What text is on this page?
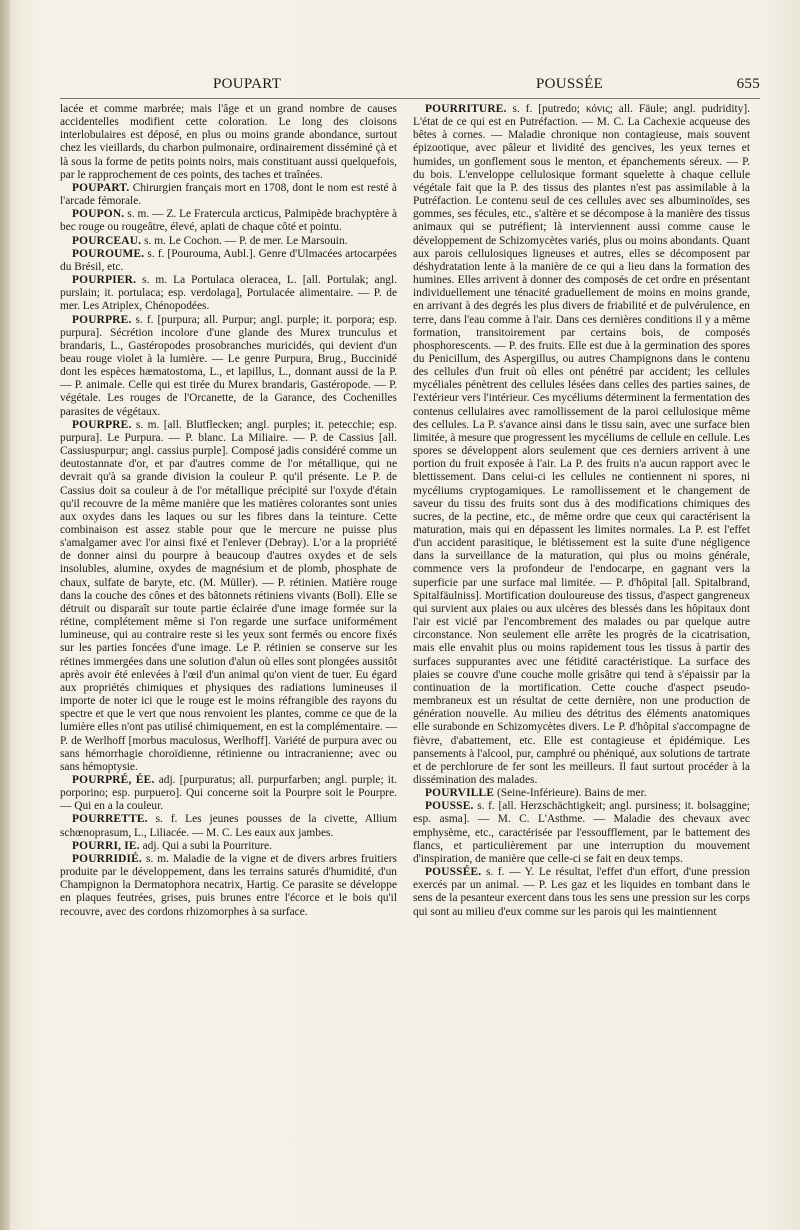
POUPART	POUSSÉE	655

lacée et comme marbrée; mais l'âge et un grand nombre de causes accidentelles modifient cette coloration. Le long des cloisons interlobulaires est déposé, en plus ou moins grande abondance, surtout chez les vieillards, du charbon pulmonaire, ordinairement disséminé çà et là sous la forme de petits points noirs, mais constituant aussi quelquefois, par le rapprochement de ces points, des taches et traînées.

POUPART. Chirurgien français mort en 1708, dont le nom est resté à l'arcade fémorale.

POUPON. s. m. — Z. Le Fratercula arcticus, Palmipède brachyptère à bec rouge ou rougeâtre, élevé, aplati de chaque côté et pointu.

POURCEAU. s. m. Le Cochon. — P. de mer. Le Marsouin.

POUROUME. s. f. [Pourouma, Aubl.]. Genre d'Ulmacées artocarpées du Brésil, etc.

POURPIER. s. m. La Portulaca oleracea, L. [all. Portulak; angl. purslain; it. portulaca; esp. verdolaga], Portulacée alimentaire. — P. de mer. Les Atriplex, Chénopodées.

POURPRE. s. f. [purpura; all. Purpur; angl. purple; it. porpora; esp. purpura]. Sécrétion incolore d'une glande des Murex trunculus et brandaris, L., Gastéropodes prosobranches muricidés, qui devient d'un beau rouge violet à la lumière. — Le genre Purpura, Brug., Buccinidé dont les espèces hæmatostoma, L., et lapillus, L., donnant aussi de la P. — P. animale. Celle qui est tirée du Murex brandaris, Gastéropode. — P. végétale. Les rouges de l'Orcanette, de la Garance, des Cochenilles parasites de végétaux.

POURPRE. s. m. [all. Blutflecken; angl. purples; it. petecchie; esp. purpura]. Le Purpura. — P. blanc. La Miliaire. — P. de Cassius [all. Cassiuspurpur; angl. cassius purple]. Composé jadis considéré comme un deutostannate d'or, et par d'autres comme de l'or métallique, qui ne devrait qu'à sa grande division la couleur P. qu'il présente. Le P. de Cassius doit sa couleur à de l'or métallique précipité sur l'oxyde d'étain qu'il recouvre de la même manière que les matières colorantes sont unies aux oxydes dans les laques ou sur les fibres dans la teinture. Cette combinaison est assez stable pour que le mercure ne puisse plus s'amalgamer avec l'or ainsi fixé et l'enlever (Debray). L'or a la propriété de donner ainsi du pourpre à beaucoup d'autres oxydes et de sels insolubles, alumine, oxydes de magnésium et de plomb, phosphate de chaux, sulfate de baryte, etc. (M. Müller). — P. rétinien. Matière rouge dans la couche des cônes et des bâtonnets rétiniens vivants (Boll). Elle se détruit ou disparaît sur toute partie éclairée d'une image formée sur la rétine, complétement même si l'on regarde une surface uniformément lumineuse, qui au contraire reste si les yeux sont fermés ou encore fixés sur les parties foncées d'une image. Le P. rétinien se conserve sur les rétines immergées dans une solution d'alun où elles sont plongées aussitôt après avoir été enlevées à l'œil d'un animal qu'on vient de tuer. Eu égard aux propriétés chimiques et physiques des radiations lumineuses il importe de noter ici que le rouge est le moins réfrangible des rayons du spectre et que le vert que nous renvoient les plantes, comme ce que de la lumière elles n'ont pas utilisé chimiquement, en est la complémentaire. — P. de Werlhoff [morbus maculosus, Werlhoff]. Variété de purpura avec ou sans hémorrhagie choroïdienne, rétinienne ou intracranienne; avec ou sans hémoptysie.

POURPRÉ, ÉE. adj. [purpuratus; all. purpurfarben; angl. purple; it. porporino; esp. purpuero]. Qui concerne soit la Pourpre soit le Pourpre. — Qui en a la couleur.

POURRETTE. s. f. Les jeunes pousses de la civette, Allium schœnoprasum, L., Liliacée. — M. C. Les eaux aux jambes.

POURRI, IE. adj. Qui a subi la Pourriture.

POURRIDIÉ. s. m. Maladie de la vigne et de divers arbres fruitiers produite par le développement, dans les terrains saturés d'humidité, d'un Champignon la Dermatophora necatrix, Hartig. Ce parasite se développe en plaques feutrées, grises, puis brunes entre l'écorce et le bois qu'il recouvre, avec des cordons rhizomorphes à sa surface.

POURRITURE. s. f. [putredo; κόνις; all. Fäule; angl. pudridity]. L'état de ce qui est en Putréfaction. — M. C. La Cachexie acqueuse des bêtes à cornes. — Maladie chronique non contagieuse, mais souvent épizootique, avec pâleur et lividité des gencives, les yeux ternes et humides, un gonflement sous le menton, et épanchements séreux. — P. du bois. L'enveloppe cellulosique formant squelette à chaque cellule végétale fait que la P. des tissus des plantes n'est pas assimilable à la Putréfaction. Le contenu seul de ces cellules avec ses albuminoïdes, ses gommes, ses fécules, etc., s'altère et se décompose à la manière des tissus animaux qui se putréfient; là interviennent aussi comme cause le développement de Schizomycètes variés, plus ou moins abondants. Quant aux parois cellulosiques ligneuses et autres, elles se décomposent par déshydratation lente à la manière de ce qui a lieu dans la formation des humines. Elles arrivent à donner des composés de cet ordre en présentant individuellement une ténacité graduellement de moins en moins grande, en arrivant à des degrés les plus divers de friabilité et de pulvérulence, en terre, dans l'eau comme à l'air. Dans ces dernières conditions il y a même formation, transitoirement par certains bois, de composés phosphorescents. — P. des fruits. Elle est due à la germination des spores du Penicillum, des Aspergillus, ou autres Champignons dans le contenu des cellules d'un fruit où elles ont pénétré par accident; les cellules mycéliales pénètrent des cellules lésées dans celles des parties saines, de l'extérieur vers l'intérieur. Ces mycéliums déterminent la fermentation des contenus cellulaires avec ramollissement de la paroi cellulosique même des cellules. La P. s'avance ainsi dans le tissu sain, avec une surface bien limitée, à mesure que progressent les mycéliums de cellule en cellule. Les spores se développent alors seulement que ces derniers arrivent à une portion du fruit exposée à l'air. La P. des fruits n'a aucun rapport avec le blettissement. Dans celui-ci les cellules ne contiennent ni spores, ni mycéliums cryptogamiques. Le ramollissement et le changement de saveur du tissu des fruits sont dus à des modifications chimiques des sucres, de la pectine, etc., de même ordre que ceux qui caractérisent la maturation, mais qui en dépassent les limites normales. La P. est l'effet d'un accident parasitique, le blétissement est la suite d'une négligence dans la surveillance de la maturation, qui plus ou moins générale, commence vers la profondeur de l'endocarpe, en gagnant vers la superficie par une surface mal limitée. — P. d'hôpital [all. Spitalbrand, Spitalfäulniss]. Mortification douloureuse des tissus, d'aspect gangreneux qui survient aux plaies ou aux ulcères des blessés dans les hôpitaux dont l'air est vicié par l'encombrement des malades ou par quelque autre circonstance. Non seulement elle arrête les progrès de la cicatrisation, mais elle envahit plus ou moins rapidement tous les tissus à partir des surfaces suppurantes avec une fétidité caractéristique. La surface des plaies se couvre d'une couche molle grisâtre qui tend à s'épaissir par la continuation de la mortification. Cette couche d'aspect pseudo-membraneux est un résultat de cette dernière, non une production de génération nouvelle. Au milieu des détritus des éléments anatomiques elle surabonde en Schizomycètes divers. Le P. d'hôpital s'accompagne de fièvre, d'abattement, etc. Elle est contagieuse et épidémique. Les pansements à l'alcool, pur, camphré ou phéniqué, aux solutions de tartrate et de perchlorure de fer sont les meilleurs. Il faut surtout procéder à la dissémination des malades.

POURVILLE (Seine-Inférieure). Bains de mer.

POUSSE. s. f. [all. Herzschächtigkeit; angl. pursiness; it. bolsaggine; esp. asma]. — M. C. L'Asthme. — Maladie des chevaux avec emphysème, etc., caractérisée par l'essoufflement, par le battement des flancs, et particulièrement par une interruption du mouvement d'inspiration, de manière que celle-ci se fait en deux temps.

POUSSÉE. s. f. — Y. Le résultat, l'effet d'un effort, d'une pression exercés par un animal. — P. Les gaz et les liquides en tombant dans le sens de la pesanteur exercent dans tous les sens une pression sur les corps qui sont au milieu d'eux comme sur les parois qui les maintiennent
